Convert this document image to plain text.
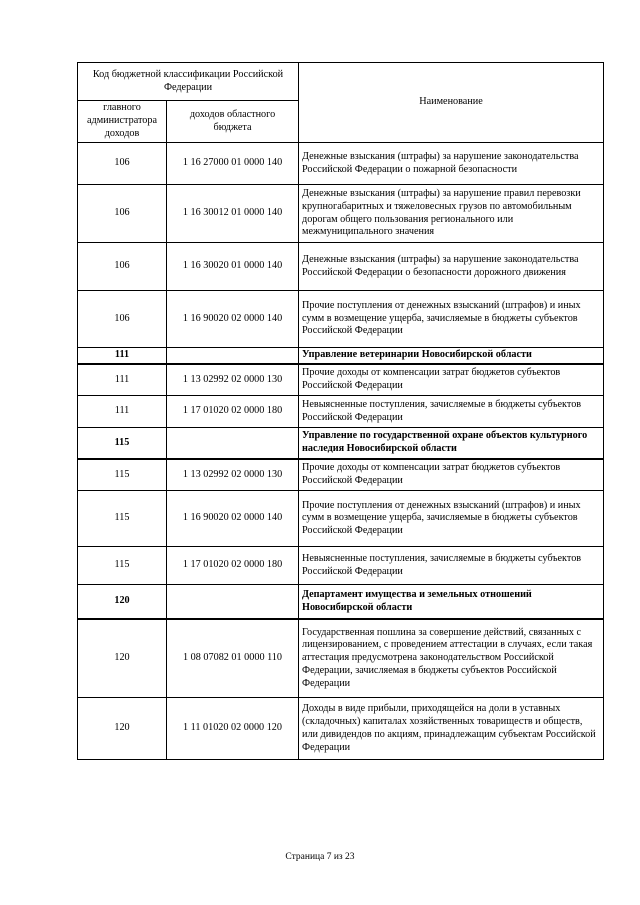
Код бюджетной классификации Российской Федерации		Наименование
главного администратора доходов	доходов областного бюджета	
106	1 16 27000 01 0000 140	Денежные взыскания (штрафы) за нарушение законодательства Российской Федерации о пожарной безопасности
106	1 16 30012 01 0000 140	Денежные взыскания (штрафы) за нарушение правил перевозки крупногабаритных и тяжеловесных грузов по автомобильным дорогам общего пользования регионального или межмуниципального значения
106	1 16 30020 01 0000 140	Денежные взыскания (штрафы) за нарушение законодательства Российской Федерации о безопасности дорожного движения
106	1 16 90020 02 0000 140	Прочие поступления от денежных взысканий (штрафов) и иных сумм в возмещение ущерба, зачисляемые в бюджеты субъектов Российской Федерации
111		Управление ветеринарии Новосибирской области
111	1 13 02992 02 0000 130	Прочие доходы от компенсации затрат бюджетов субъектов Российской Федерации
111	1 17 01020 02 0000 180	Невыясненные поступления, зачисляемые в бюджеты субъектов Российской Федерации
115		Управление по государственной охране объектов культурного наследия Новосибирской области
115	1 13 02992 02 0000 130	Прочие доходы от компенсации затрат бюджетов субъектов Российской Федерации
115	1 16 90020 02 0000 140	Прочие поступления от денежных взысканий (штрафов) и иных сумм в возмещение ущерба, зачисляемые в бюджеты субъектов Российской Федерации
115	1 17 01020 02 0000 180	Невыясненные поступления, зачисляемые в бюджеты субъектов Российской Федерации
120		Департамент имущества и земельных отношений Новосибирской области
120	1 08 07082 01 0000 110	Государственная пошлина за совершение действий, связанных с лицензированием, с проведением аттестации в случаях, если такая аттестация предусмотрена законодательством Российской Федерации, зачисляемая в бюджеты субъектов Российской Федерации
120	1 11 01020 02 0000 120	Доходы в виде прибыли, приходящейся на доли в уставных (складочных) капиталах хозяйственных товариществ и обществ, или дивидендов по акциям, принадлежащим субъектам Российской Федерации
Страница 7 из 23
